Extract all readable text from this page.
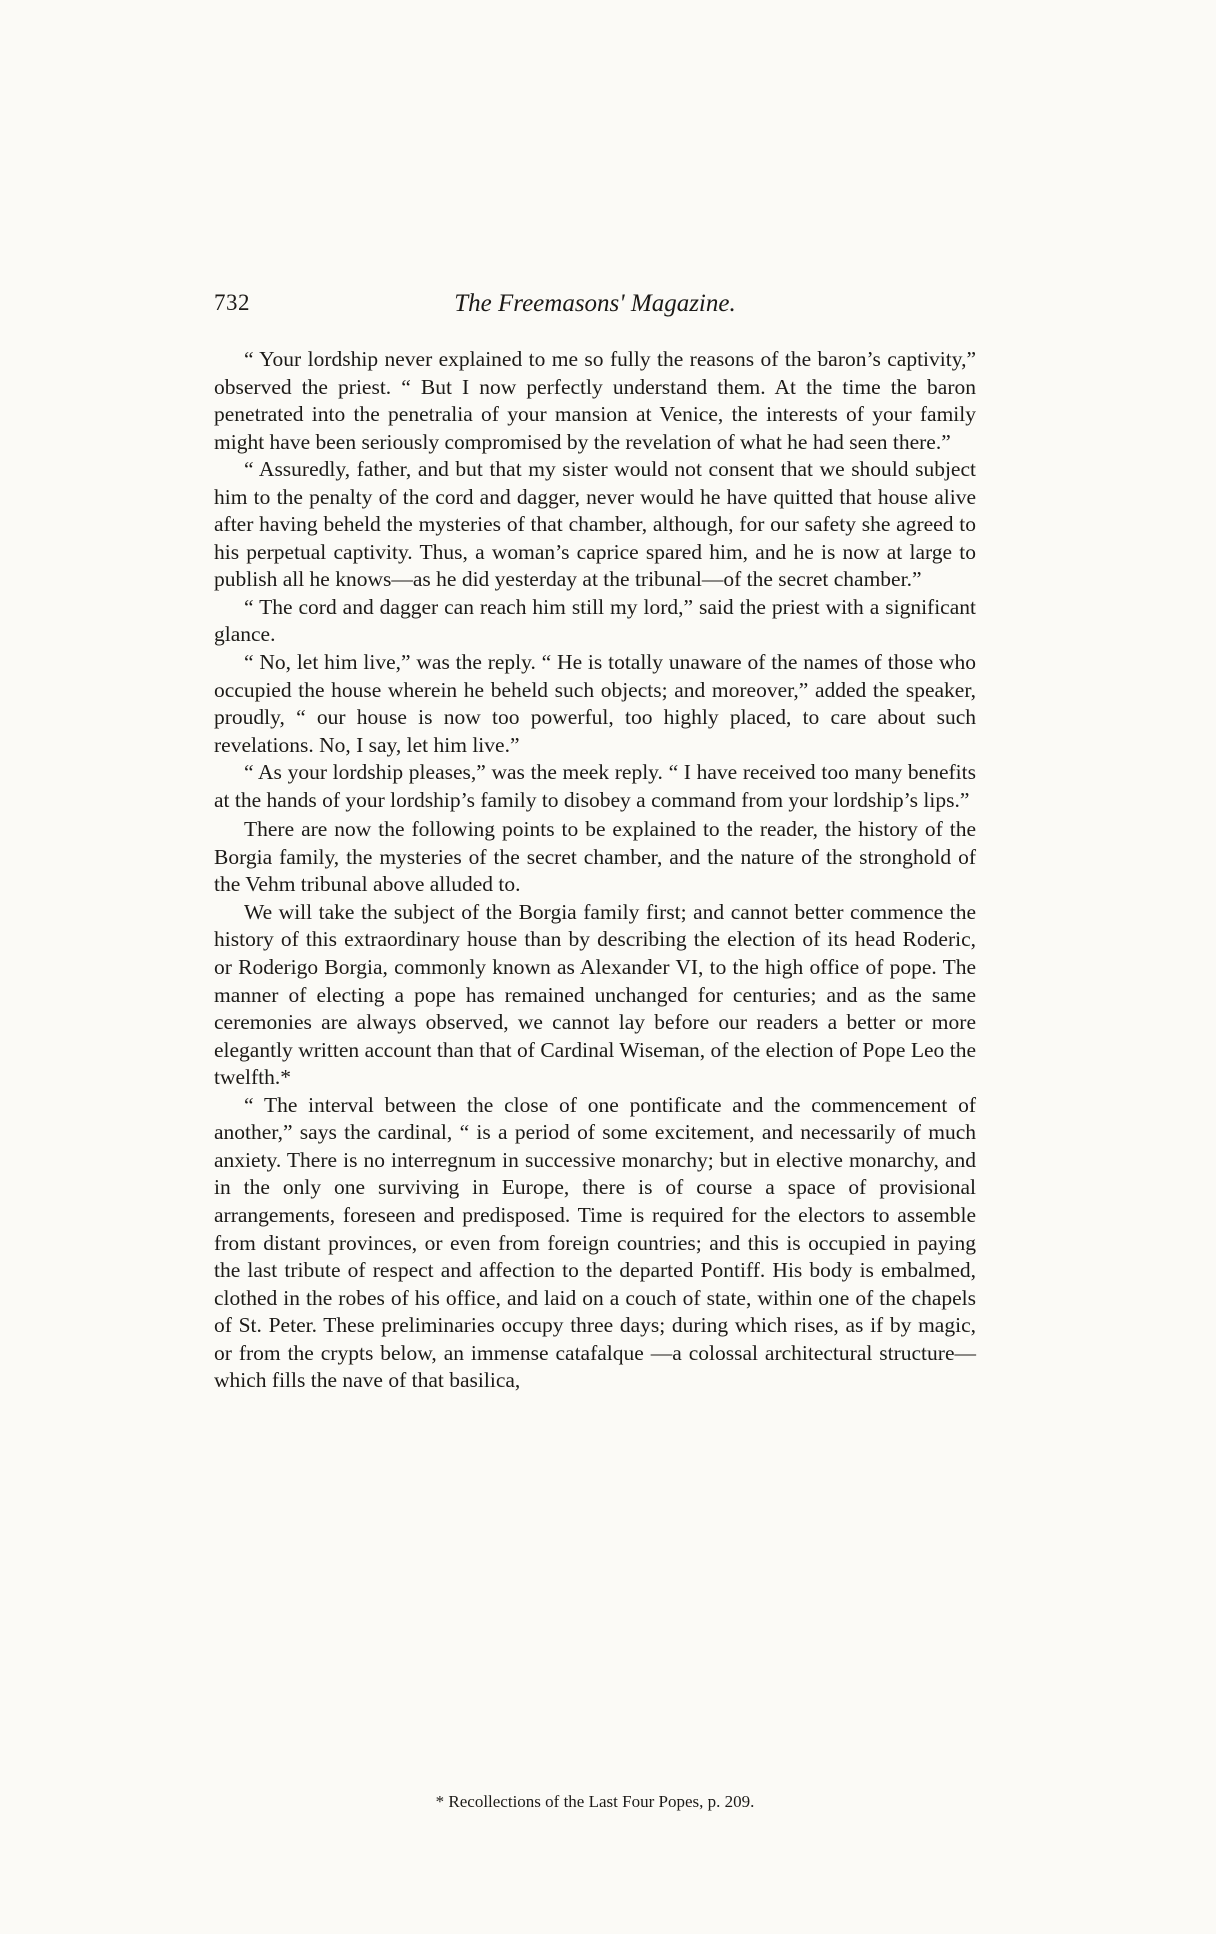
732	The Freemasons' Magazine.

“ Your lordship never explained to me so fully the reasons of the baron’s captivity,” observed the priest. “ But I now perfectly understand them. At the time the baron penetrated into the penetralia of your mansion at Venice, the interests of your family might have been seriously compromised by the revelation of what he had seen there.”

“ Assuredly, father, and but that my sister would not consent that we should subject him to the penalty of the cord and dagger, never would he have quitted that house alive after having beheld the mysteries of that chamber, although, for our safety she agreed to his perpetual captivity. Thus, a woman’s caprice spared him, and he is now at large to publish all he knows—as he did yesterday at the tribunal—of the secret chamber.”

“ The cord and dagger can reach him still my lord,” said the priest with a significant glance.

“ No, let him live,” was the reply. “ He is totally unaware of the names of those who occupied the house wherein he beheld such objects; and moreover,” added the speaker, proudly, “ our house is now too powerful, too highly placed, to care about such revelations. No, I say, let him live.”

“ As your lordship pleases,” was the meek reply. “ I have received too many benefits at the hands of your lordship’s family to disobey a command from your lordship’s lips.”

There are now the following points to be explained to the reader, the history of the Borgia family, the mysteries of the secret chamber, and the nature of the stronghold of the Vehm tribunal above alluded to.

We will take the subject of the Borgia family first; and cannot better commence the history of this extraordinary house than by describing the election of its head Roderic, or Roderigo Borgia, commonly known as Alexander VI, to the high office of pope. The manner of electing a pope has remained unchanged for centuries; and as the same ceremonies are always observed, we cannot lay before our readers a better or more elegantly written account than that of Cardinal Wiseman, of the election of Pope Leo the twelfth.*

“ The interval between the close of one pontificate and the commencement of another,” says the cardinal, “ is a period of some excitement, and necessarily of much anxiety. There is no interregnum in successive monarchy; but in elective monarchy, and in the only one surviving in Europe, there is of course a space of provisional arrangements, foreseen and predisposed. Time is required for the electors to assemble from distant provinces, or even from foreign countries; and this is occupied in paying the last tribute of respect and affection to the departed Pontiff. His body is embalmed, clothed in the robes of his office, and laid on a couch of state, within one of the chapels of St. Peter. These preliminaries occupy three days; during which rises, as if by magic, or from the crypts below, an immense catafalque —a colossal architectural structure—which fills the nave of that basilica,

* Recollections of the Last Four Popes, p. 209.
